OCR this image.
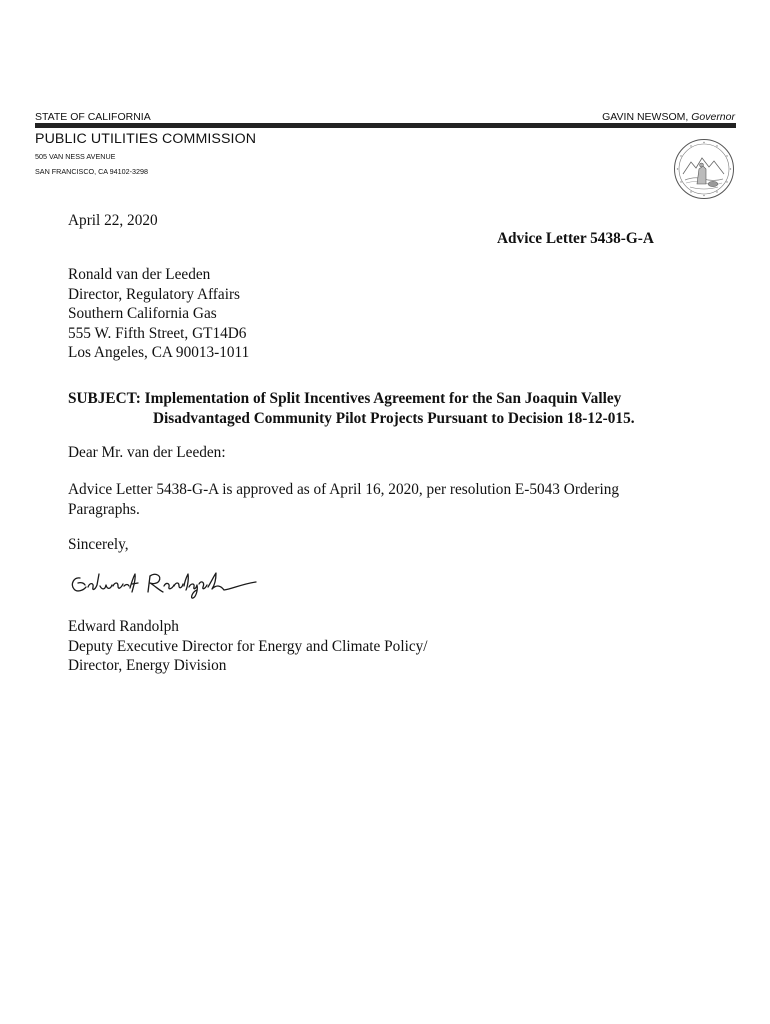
STATE OF CALIFORNIA	GAVIN NEWSOM, Governor
PUBLIC UTILITIES COMMISSION
505 VAN NESS AVENUE
SAN FRANCISCO, CA 94102-3298
April 22, 2020
Advice Letter 5438-G-A
Ronald van der Leeden
Director, Regulatory Affairs
Southern California Gas
555 W. Fifth Street, GT14D6
Los Angeles, CA 90013-1011
SUBJECT: Implementation of Split Incentives Agreement for the San Joaquin Valley
Disadvantaged Community Pilot Projects Pursuant to Decision 18-12-015.
Dear Mr. van der Leeden:
Advice Letter 5438-G-A is approved as of April 16, 2020, per resolution E-5043 Ordering
Paragraphs.
Sincerely,
Edward Randolph
Deputy Executive Director for Energy and Climate Policy/
Director, Energy Division
